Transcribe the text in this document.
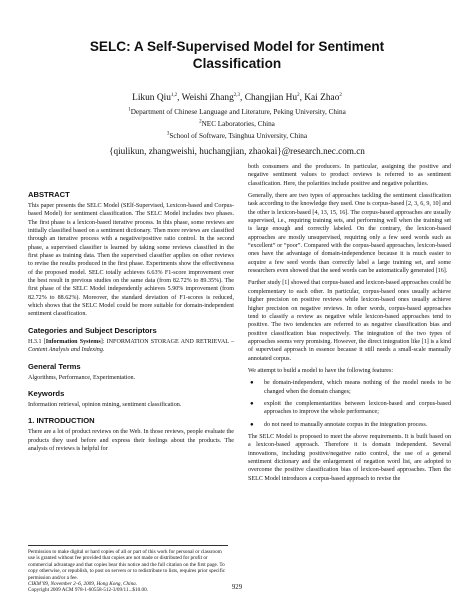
SELC: A Self-Supervised Model for Sentiment
Classification
Likun Qiu$^{1,2}$, Weishi Zhang$^{2,3}$, Changjian Hu$^2$, Kai Zhao$^2$
$^1$Department of Chinese Language and Literature, Peking University, China
$^2$NEC Laboratories, China
$^3$School of Software, Tsinghua University, China
{qiulikun, zhangweishi, huchangjian, zhaokai}@research.nec.com.cn
ABSTRACT

This paper presents the SELC Model (SElf-Supervised, Lexicon-based and Corpus-based Model) for sentiment classification. The SELC Model includes two phases. The first phase is a lexicon-based iterative process. In this phase, some reviews are initially classified based on a sentiment dictionary. Then more reviews are classified through an iterative process with a negative/positive ratio control. In the second phase, a supervised classifier is learned by taking some reviews classified in the first phase as training data. Then the supervised classifier applies on other reviews to revise the results produced in the first phase. Experiments show the effectiveness of the proposed model. SELC totally achieves 6.63% F1-score improvement over the best result in previous studies on the same data (from 82.72% to 89.35%). The first phase of the SELC Model independently achieves 5.90% improvement (from 82.72% to 88.62%). Moreover, the standard deviation of F1-scores is reduced, which shows that the SELC Model could be more suitable for domain-independent sentiment classification.

Categories and Subject Descriptors

H.3.1 [Information Systems]: INFORMATION STORAGE AND RETRIEVAL – Content Analysis and Indexing.

General Terms

Algorithms, Performance, Experimentation.

Keywords

Information retrieval, opinion mining, sentiment classification.

1. INTRODUCTION

There are a lot of product reviews on the Web. In those reviews, people evaluate the products they used before and express their feelings about the products. The analysis of reviews is helpful for

Permission to make digital or hard copies of all or part of this work for personal or classroom use is granted without fee provided that copies are not made or distributed for profit or commercial advantage and that copies bear this notice and the full citation on the first page. To copy otherwise, or republish, to post on servers or to redistribute to lists, requires prior specific permission and/or a fee.
CIKM’09, November 2–6, 2009, Hong Kong, China.
Copyright 2009 ACM 978-1-60558-512-3/09/11...$10.00.

both consumers and the producers. In particular, assigning the positive and negative sentiment values to product reviews is referred to as sentiment classification. Here, the polarities include positive and negative polarities.

Generally, there are two types of approaches tackling the sentiment classification task according to the knowledge they used. One is corpus-based [2, 3, 6, 9, 10] and the other is lexicon-based [4, 13, 15, 16]. The corpus-based approaches are usually supervised, i.e., requiring training sets, and performing well when the training set is large enough and correctly labeled. On the contrary, the lexicon-based approaches are mostly unsupervised, requiring only a few seed words such as “excellent” or “poor”. Compared with the corpus-based approaches, lexicon-based ones have the advantage of domain-independence because it is much easier to acquire a few seed words than correctly label a large training set, and some researchers even showed that the seed words can be automatically generated [16].

Further study [1] showed that corpus-based and lexicon-based approaches could be complementary to each other. In particular, corpus-based ones usually achieve higher precision on positive reviews while lexicon-based ones usually achieve higher precision on negative reviews. In other words, corpus-based approaches tend to classify a review as negative while lexicon-based approaches tend to positive. The two tendencies are referred to as negative classification bias and positive classification bias respectively. The integration of the two types of approaches seems very promising. However, the direct integration like [1] is a kind of supervised approach in essence because it still needs a small-scale manually annotated corpus.

We attempt to build a model to have the following features:

● be domain-independent, which means nothing of the model needs to be changed when the domain changes;
● exploit the complementarities between lexicon-based and corpus-based approaches to improve the whole performance;
● do not need to manually annotate corpus in the integration process.

The SELC Model is proposed to meet the above requirements. It is built based on a lexicon-based approach. Therefore it is domain independent. Several innovations, including positive/negative ratio control, the use of a general sentiment dictionary and the enlargement of negation word list, are adopted to overcome the positive classification bias of lexicon-based approaches. Then the SELC Model introduces a corpus-based approach to revise the

929
